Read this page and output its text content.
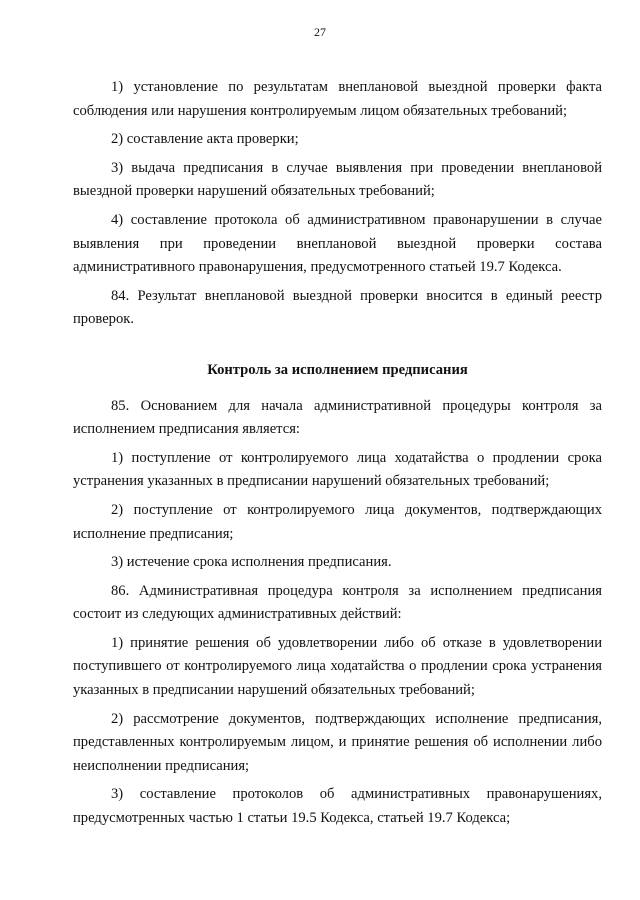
27

1) установление по результатам внеплановой выездной проверки факта соблюдения или нарушения контролируемым лицом обязательных требований;

2) составление акта проверки;

3) выдача предписания в случае выявления при проведении внеплановой выездной проверки нарушений обязательных требований;

4) составление протокола об административном правонарушении в случае выявления при проведении внеплановой выездной проверки состава административного правонарушения, предусмотренного статьей 19.7 Кодекса.

84. Результат внеплановой выездной проверки вносится в единый реестр проверок.

Контроль за исполнением предписания

85. Основанием для начала административной процедуры контроля за исполнением предписания является:

1) поступление от контролируемого лица ходатайства о продлении срока устранения указанных в предписании нарушений обязательных требований;

2) поступление от контролируемого лица документов, подтверждающих исполнение предписания;

3) истечение срока исполнения предписания.

86. Административная процедура контроля за исполнением предписания состоит из следующих административных действий:

1) принятие решения об удовлетворении либо об отказе в удовлетворении поступившего от контролируемого лица ходатайства о продлении срока устранения указанных в предписании нарушений обязательных требований;

2) рассмотрение документов, подтверждающих исполнение предписания, представленных контролируемым лицом, и принятие решения об исполнении либо неисполнении предписания;

3) составление протоколов об административных правонарушениях, предусмотренных частью 1 статьи 19.5 Кодекса, статьей 19.7 Кодекса;
